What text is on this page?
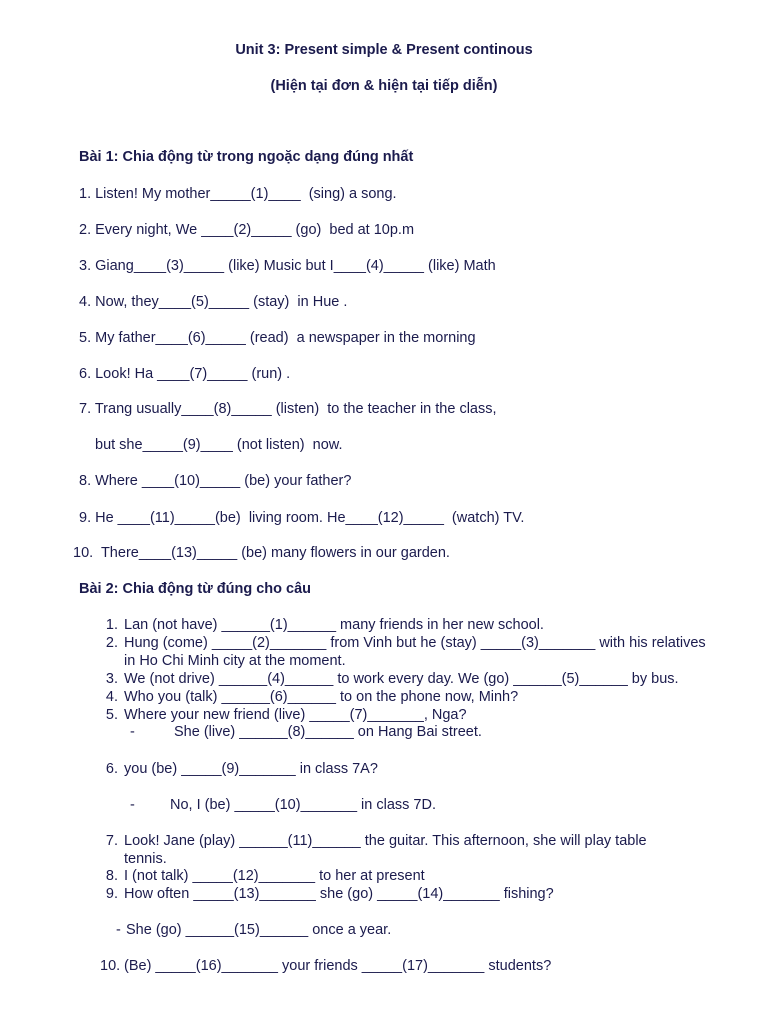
Unit 3: Present simple & Present continous
(Hiện tại đơn & hiện tại tiếp diễn)
Bài 1: Chia động từ trong ngoặc dạng đúng nhất
1. Listen! My mother_____(1)____  (sing) a song.
2. Every night, We ____(2)_____ (go)  bed at 10p.m
3. Giang____(3)_____ (like) Music but I____(4)_____ (like) Math
4. Now, they____(5)_____ (stay)  in Hue .
5. My father____(6)_____ (read)  a newspaper in the morning
6. Look! Ha ____(7)_____ (run) .
7. Trang usually____(8)_____ (listen)  to the teacher in the class,
but she_____(9)____ (not listen)  now.
8. Where ____(10)_____ (be) your father?
9. He ____(11)_____(be)  living room. He____(12)_____  (watch) TV.
10.  There____(13)_____ (be) many flowers in our garden.
Bài 2: Chia động từ đúng cho câu
1. Lan (not have) ______(1)______ many friends in her new school.
2. Hung (come) _____(2)_______ from Vinh but he (stay) _____(3)_______ with his relatives in Ho Chi Minh city at the moment.
3. We (not drive) ______(4)______ to work every day. We (go) ______(5)______ by bus.
4. Who you (talk) ______(6)______ to on the phone now, Minh?
5. Where your new friend (live) _____(7)_______, Nga?
-	She (live) ______(8)______ on Hang Bai street.
6. you (be) _____(9)_______ in class 7A?
-	No, I (be) _____(10)_______ in class 7D.
7. Look! Jane (play) ______(11)______ the guitar. This afternoon, she will play table tennis.
8. I (not talk) _____(12)_______ to her at present
9. How often _____(13)_______ she (go) _____(14)_______ fishing?
- She (go) ______(15)______ once a year.
10. (Be) _____(16)_______ your friends _____(17)_______ students?
